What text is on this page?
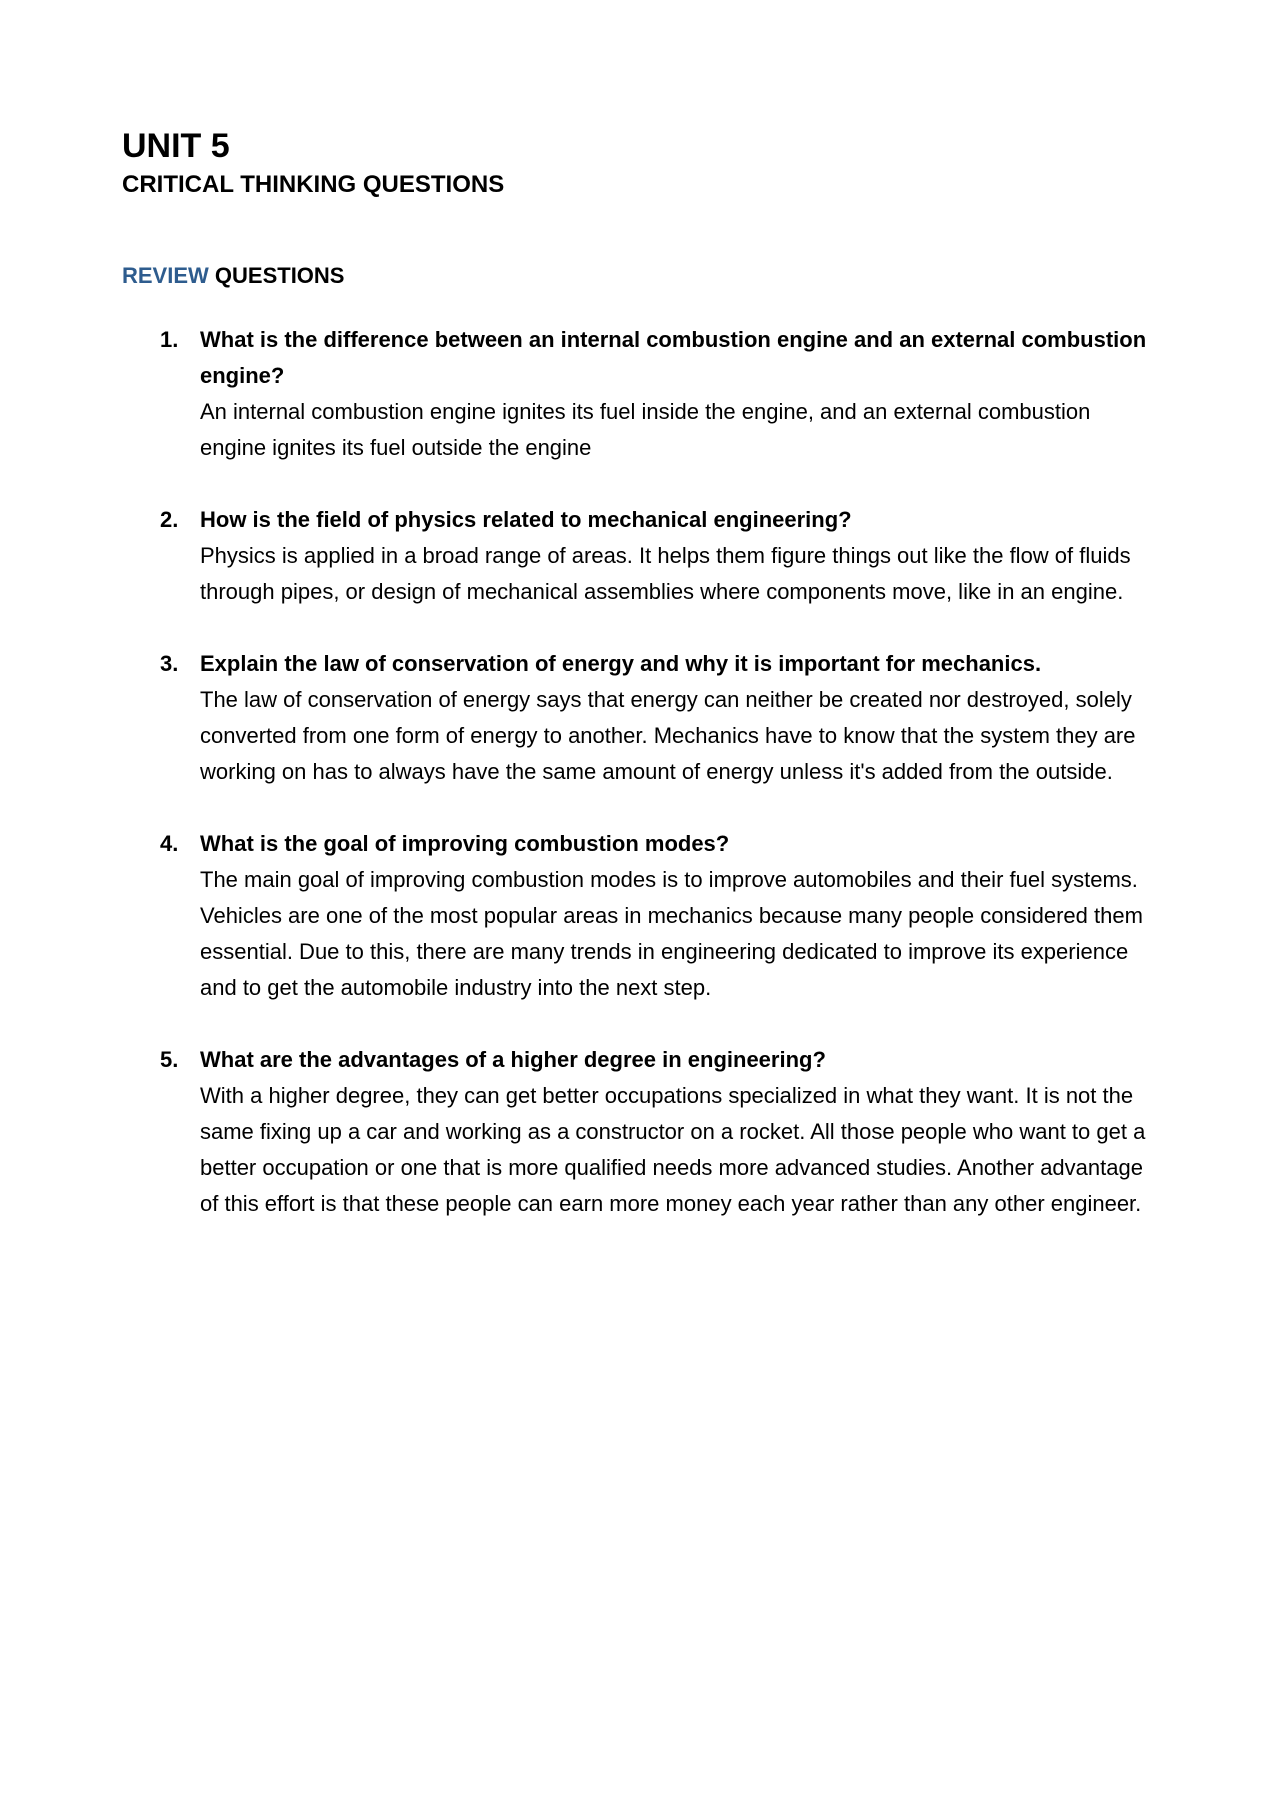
UNIT 5
CRITICAL THINKING QUESTIONS
REVIEW QUESTIONS
1. What is the difference between an internal combustion engine and an external combustion engine?
An internal combustion engine ignites its fuel inside the engine, and an external combustion engine ignites its fuel outside the engine
2. How is the field of physics related to mechanical engineering?
Physics is applied in a broad range of areas. It helps them figure things out like the flow of fluids through pipes, or design of mechanical assemblies where components move, like in an engine.
3. Explain the law of conservation of energy and why it is important for mechanics.
The law of conservation of energy says that energy can neither be created nor destroyed, solely converted from one form of energy to another. Mechanics have to know that the system they are working on has to always have the same amount of energy unless it's added from the outside.
4. What is the goal of improving combustion modes?
The main goal of improving combustion modes is to improve automobiles and their fuel systems. Vehicles are one of the most popular areas in mechanics because many people considered them essential. Due to this, there are many trends in engineering dedicated to improve its experience and to get the automobile industry into the next step.
5. What are the advantages of a higher degree in engineering?
With a higher degree, they can get better occupations specialized in what they want. It is not the same fixing up a car and working as a constructor on a rocket. All those people who want to get a better occupation or one that is more qualified needs more advanced studies. Another advantage of this effort is that these people can earn more money each year rather than any other engineer.
